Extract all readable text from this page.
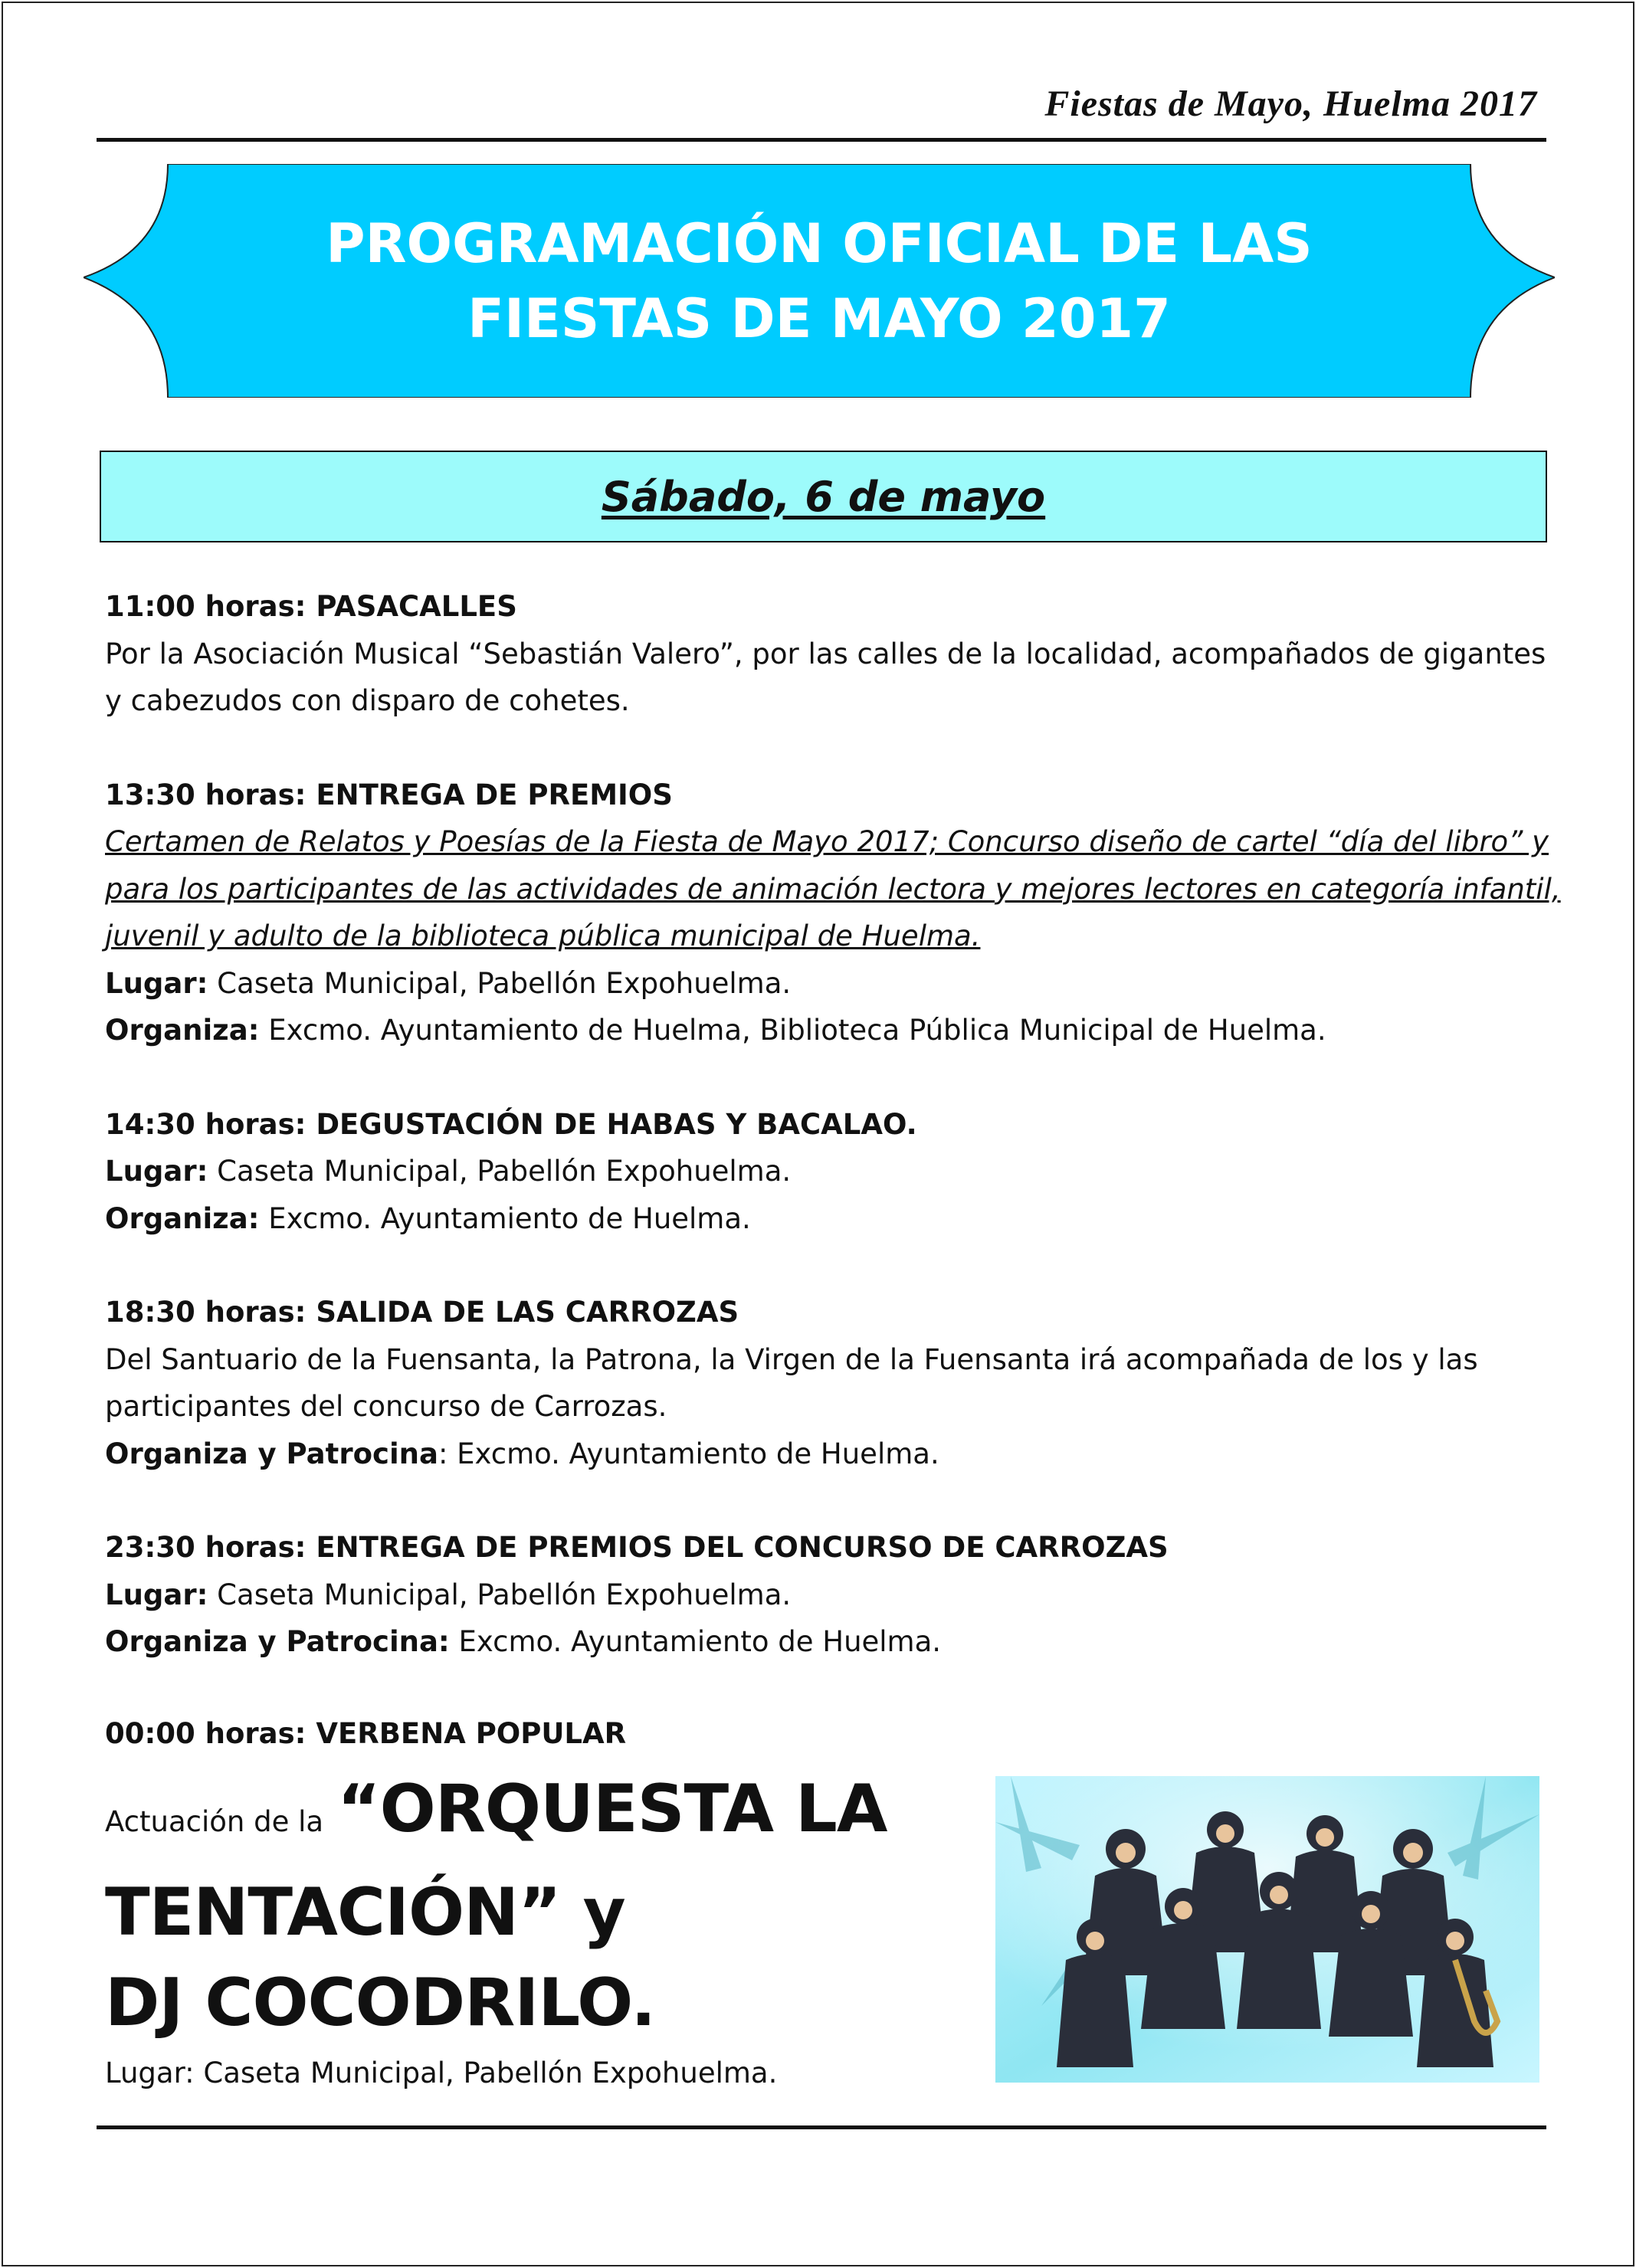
Fiestas de Mayo, Huelma 2017
PROGRAMACIÓN OFICIAL DE LAS
FIESTAS DE MAYO 2017
Sábado, 6 de mayo
11:00 horas: PASACALLES
Por la Asociación Musical “Sebastián Valero”, por las calles de la localidad, acompañados de gigantes y cabezudos con disparo de cohetes.
13:30 horas: ENTREGA DE PREMIOS
Certamen de Relatos y Poesías de la Fiesta de Mayo 2017; Concurso diseño de cartel “día del libro” y para los participantes de las actividades de animación lectora y mejores lectores en categoría infantil, juvenil y adulto de la biblioteca pública municipal de Huelma.
Lugar: Caseta Municipal, Pabellón Expohuelma.
Organiza: Excmo. Ayuntamiento de Huelma, Biblioteca Pública Municipal de Huelma.
14:30 horas: DEGUSTACIÓN DE HABAS Y BACALAO.
Lugar: Caseta Municipal, Pabellón Expohuelma.
Organiza: Excmo. Ayuntamiento de Huelma.
18:30 horas: SALIDA DE LAS CARROZAS
Del Santuario de la Fuensanta, la Patrona, la Virgen de la Fuensanta irá acompañada de los y las participantes del concurso de Carrozas.
Organiza y Patrocina: Excmo. Ayuntamiento de Huelma.
23:30 horas: ENTREGA DE PREMIOS DEL CONCURSO DE CARROZAS
Lugar: Caseta Municipal, Pabellón Expohuelma.
Organiza y Patrocina: Excmo. Ayuntamiento de Huelma.
00:00 horas: VERBENA POPULAR
Actuación de la “ORQUESTA LA
TENTACIÓN” y
DJ COCODRILO.
Lugar: Caseta Municipal, Pabellón Expohuelma.
